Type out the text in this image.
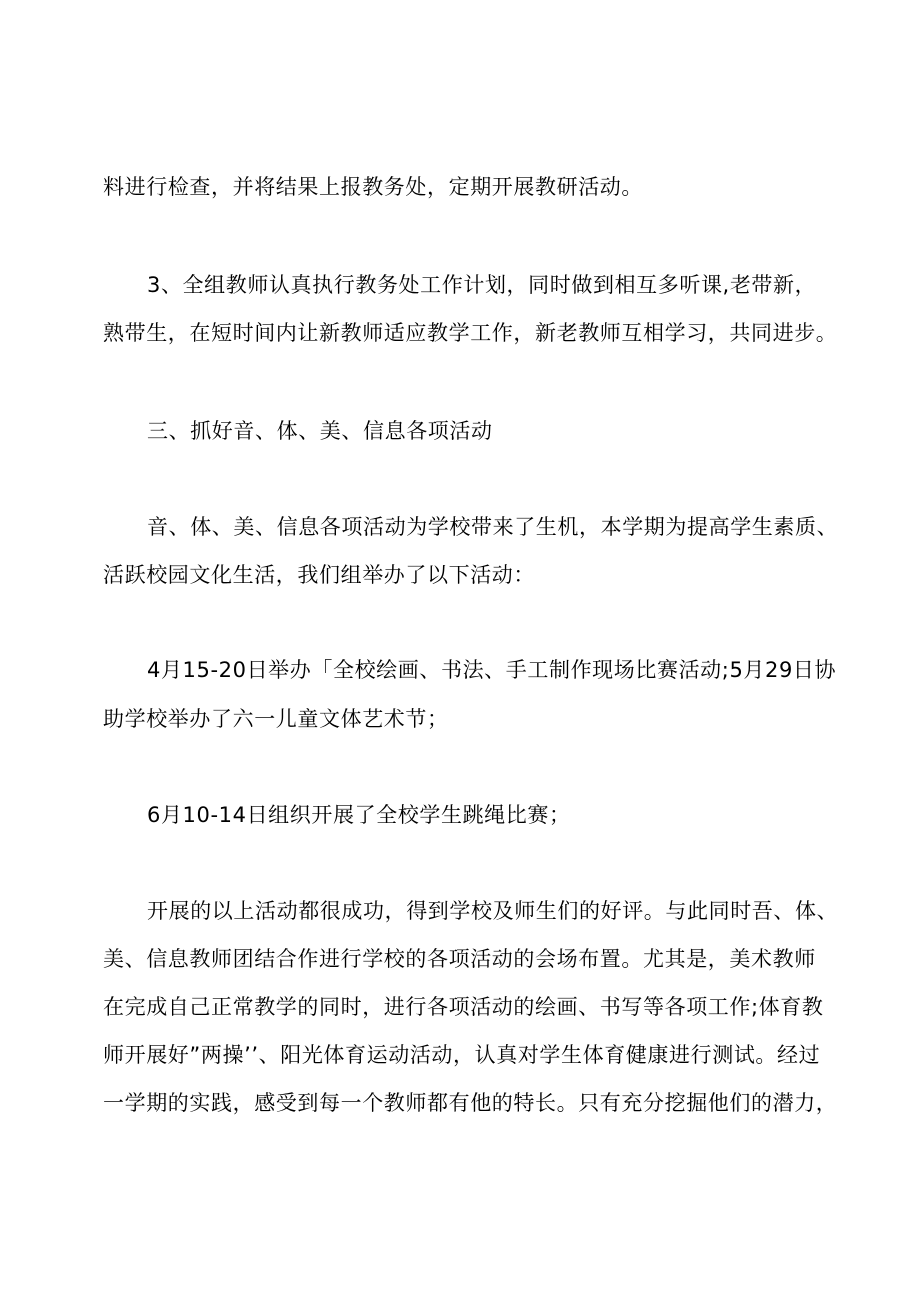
料进行检查，并将结果上报教务处，定期开展教研活动。
3、全组教师认真执行教务处工作计划，同时做到相互多听课,老带新，
熟带生，在短时间内让新教师适应教学工作，新老教师互相学习，共同进步。
三、抓好音、体、美、信息各项活动
音、体、美、信息各项活动为学校带来了生机，本学期为提高学生素质、
活跃校园文化生活，我们组举办了以下活动：
4月15-20日举办「全校绘画、书法、手工制作现场比赛活动;5月29日协
助学校举办了六一儿童文体艺术节；
6月10-14日组织开展了全校学生跳绳比赛；
开展的以上活动都很成功，得到学校及师生们的好评。与此同时吾、体、
美、信息教师团结合作进行学校的各项活动的会场布置。尤其是，美术教师
在完成自己正常教学的同时，进行各项活动的绘画、书写等各项工作;体育教
师开展好”两操’’、阳光体育运动活动，认真对学生体育健康进行测试。经过
一学期的实践，感受到每一个教师都有他的特长。只有充分挖掘他们的潜力，
